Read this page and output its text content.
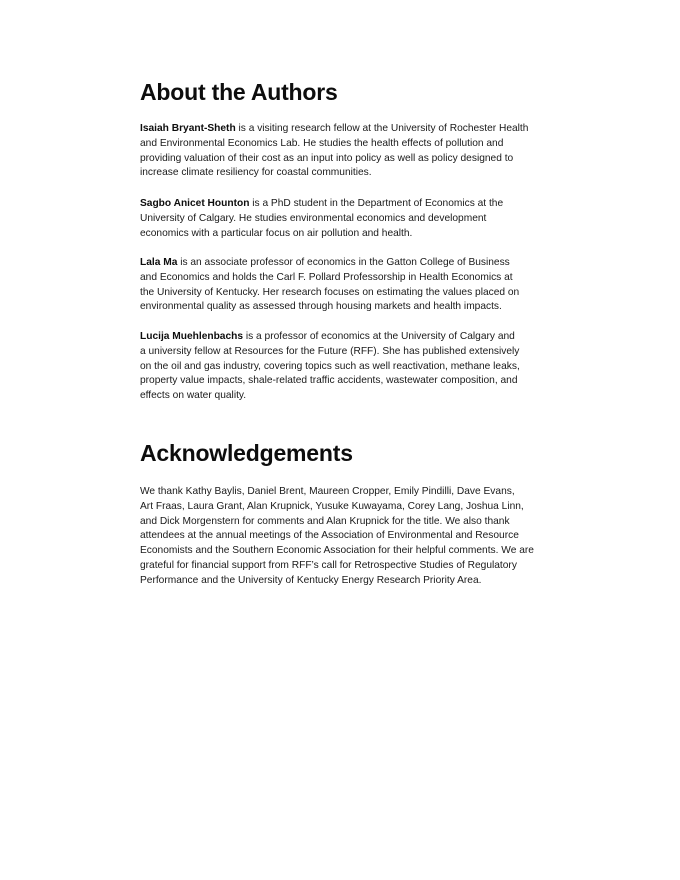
About the Authors

Isaiah Bryant-Sheth is a visiting research fellow at the University of Rochester Health
and Environmental Economics Lab. He studies the health effects of pollution and
providing valuation of their cost as an input into policy as well as policy designed to
increase climate resiliency for coastal communities.

Sagbo Anicet Hounton is a PhD student in the Department of Economics at the
University of Calgary. He studies environmental economics and development
economics with a particular focus on air pollution and health.

Lala Ma is an associate professor of economics in the Gatton College of Business
and Economics and holds the Carl F. Pollard Professorship in Health Economics at
the University of Kentucky. Her research focuses on estimating the values placed on
environmental quality as assessed through housing markets and health impacts.

Lucija Muehlenbachs is a professor of economics at the University of Calgary and
a university fellow at Resources for the Future (RFF). She has published extensively
on the oil and gas industry, covering topics such as well reactivation, methane leaks,
property value impacts, shale-related traffic accidents, wastewater composition, and
effects on water quality.

Acknowledgements

We thank Kathy Baylis, Daniel Brent, Maureen Cropper, Emily Pindilli, Dave Evans,
Art Fraas, Laura Grant, Alan Krupnick, Yusuke Kuwayama, Corey Lang, Joshua Linn,
and Dick Morgenstern for comments and Alan Krupnick for the title. We also thank
attendees at the annual meetings of the Association of Environmental and Resource
Economists and the Southern Economic Association for their helpful comments. We are
grateful for financial support from RFF’s call for Retrospective Studies of Regulatory
Performance and the University of Kentucky Energy Research Priority Area.
